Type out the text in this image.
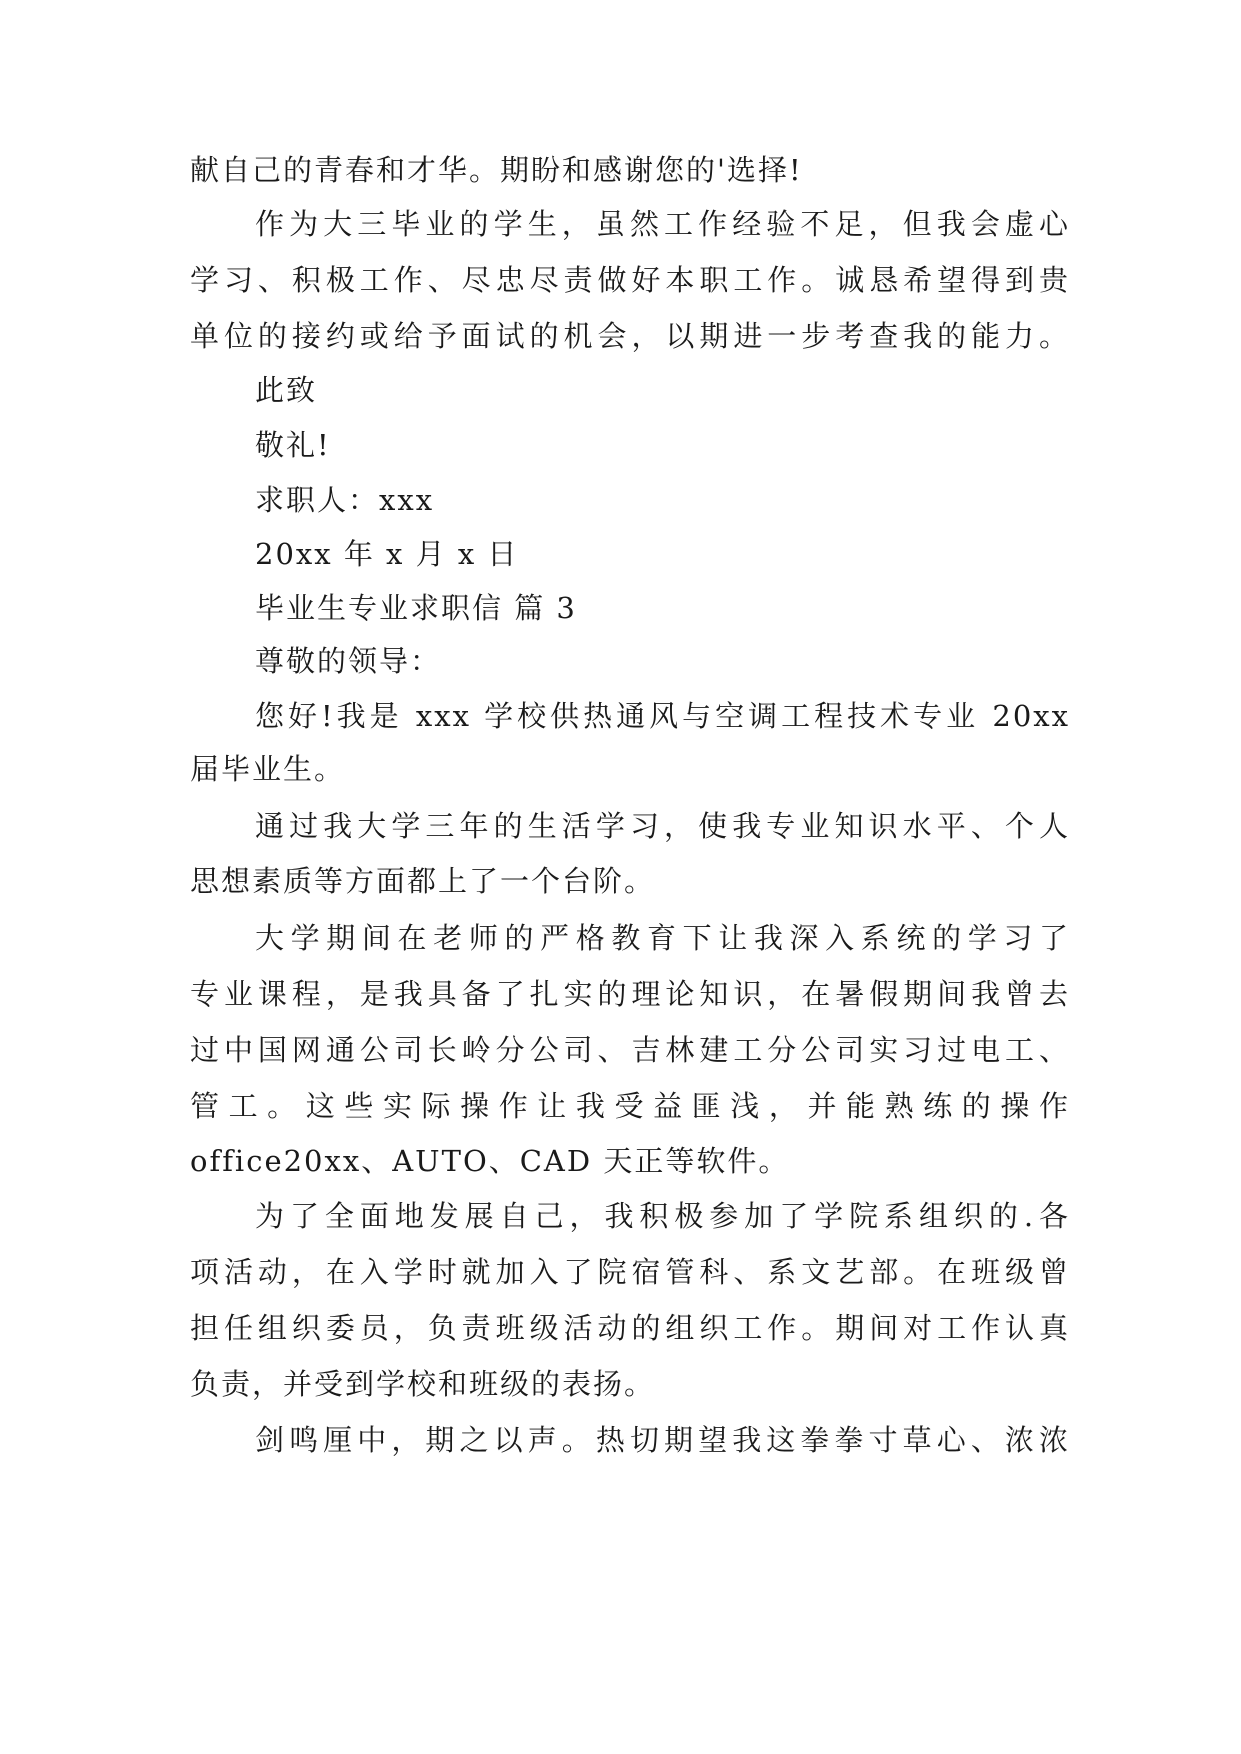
献自己的青春和才华。期盼和感谢您的'选择!
作为大三毕业的学生，虽然工作经验不足，但我会虚心
学习、积极工作、尽忠尽责做好本职工作。诚恳希望得到贵
单位的接约或给予面试的机会，以期进一步考查我的能力。
此致
敬礼!
求职人：xxx
20xx 年 x 月 x 日
毕业生专业求职信 篇 3
尊敬的领导：
您好!我是 xxx 学校供热通风与空调工程技术专业 20xx
届毕业生。
通过我大学三年的生活学习，使我专业知识水平、个人
思想素质等方面都上了一个台阶。
大学期间在老师的严格教育下让我深入系统的学习了
专业课程，是我具备了扎实的理论知识，在暑假期间我曾去
过中国网通公司长岭分公司、吉林建工分公司实习过电工、
管工。这些实际操作让我受益匪浅，并能熟练的操作
office20xx、AUTO、CAD 天正等软件。
为了全面地发展自己，我积极参加了学院系组织的.各
项活动，在入学时就加入了院宿管科、系文艺部。在班级曾
担任组织委员，负责班级活动的组织工作。期间对工作认真
负责，并受到学校和班级的表扬。
剑鸣厘中，期之以声。热切期望我这拳拳寸草心、浓浓
